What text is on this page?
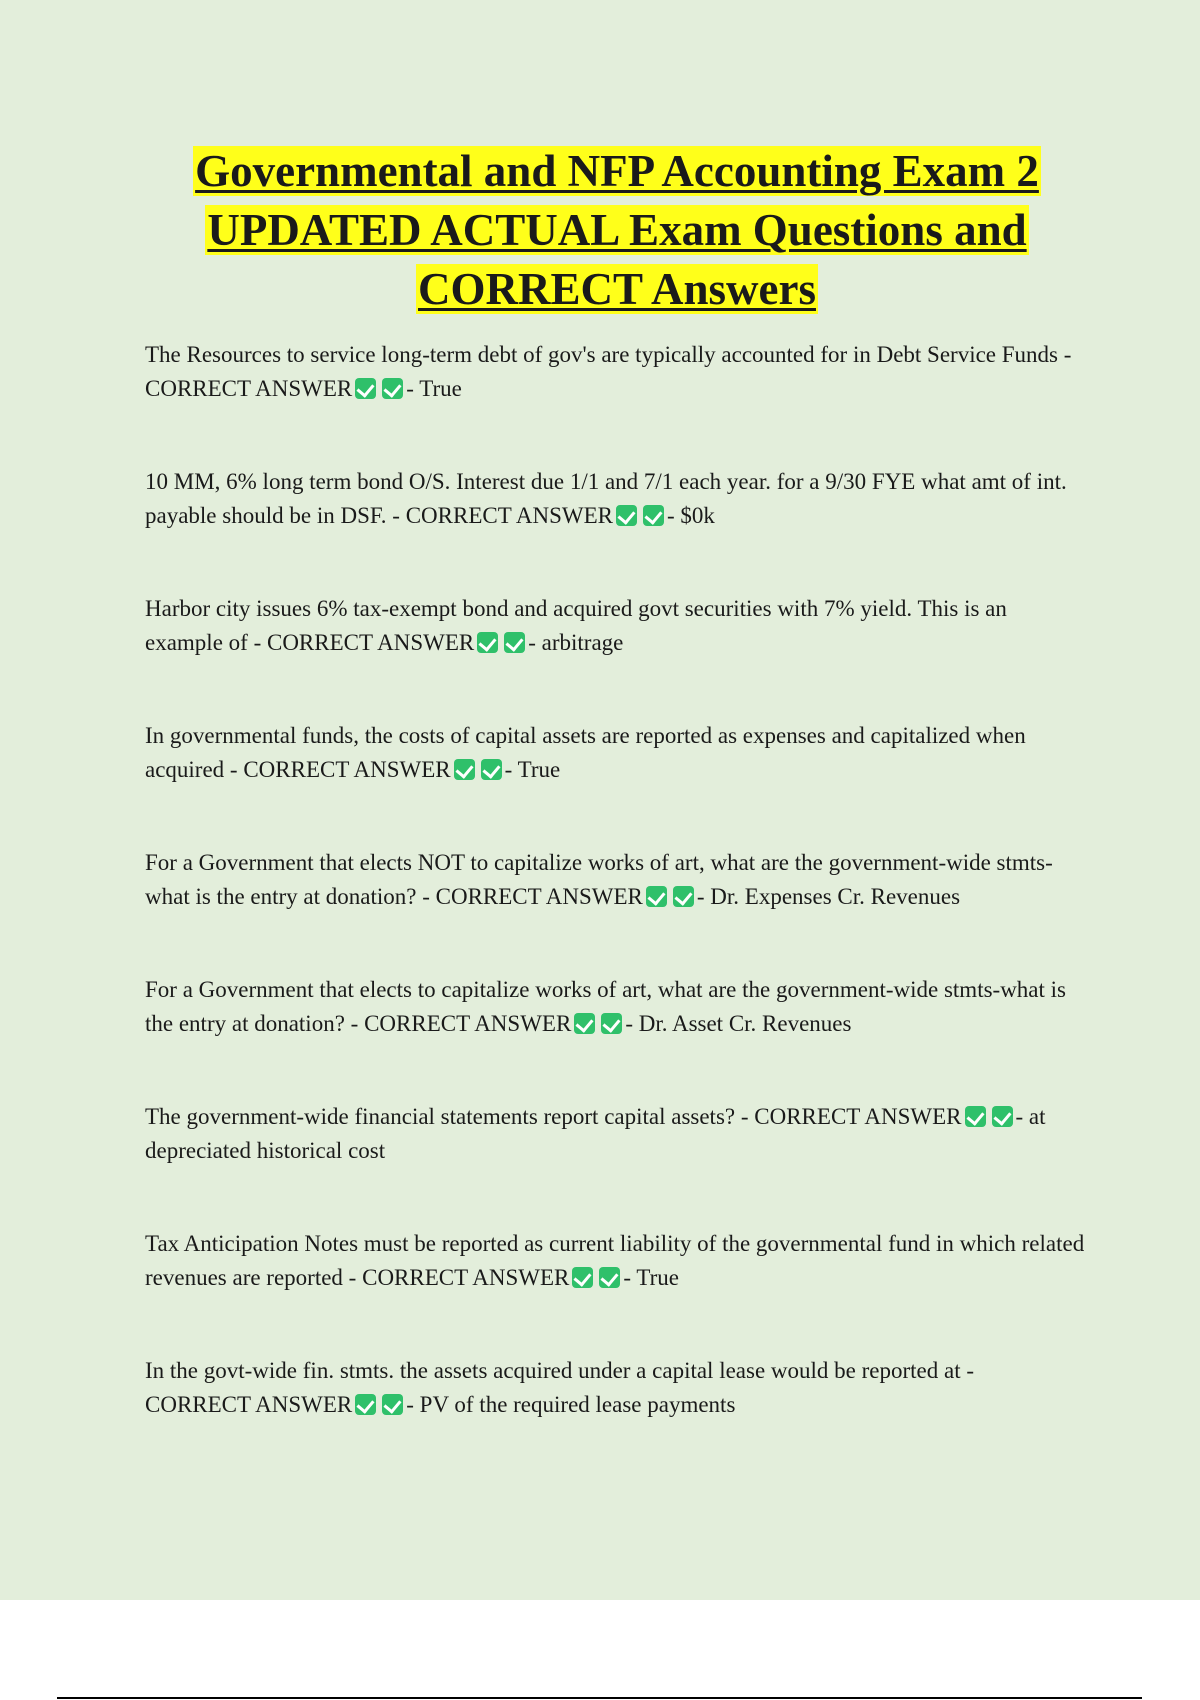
Governmental and NFP Accounting Exam 2
UPDATED ACTUAL Exam Questions and
CORRECT Answers
The Resources to service long-term debt of gov's are typically accounted for in Debt Service Funds - CORRECT ANSWER - True
10 MM, 6% long term bond O/S. Interest due 1/1 and 7/1 each year. for a 9/30 FYE what amt of int. payable should be in DSF. - CORRECT ANSWER - $0k
Harbor city issues 6% tax-exempt bond and acquired govt securities with 7% yield. This is an example of - CORRECT ANSWER - arbitrage
In governmental funds, the costs of capital assets are reported as expenses and capitalized when acquired - CORRECT ANSWER - True
For a Government that elects NOT to capitalize works of art, what are the government-wide stmts-what is the entry at donation? - CORRECT ANSWER - Dr. Expenses Cr. Revenues
For a Government that elects to capitalize works of art, what are the government-wide stmts-what is the entry at donation? - CORRECT ANSWER - Dr. Asset Cr. Revenues
The government-wide financial statements report capital assets? - CORRECT ANSWER - at depreciated historical cost
Tax Anticipation Notes must be reported as current liability of the governmental fund in which related revenues are reported - CORRECT ANSWER - True
In the govt-wide fin. stmts. the assets acquired under a capital lease would be reported at - CORRECT ANSWER - PV of the required lease payments
